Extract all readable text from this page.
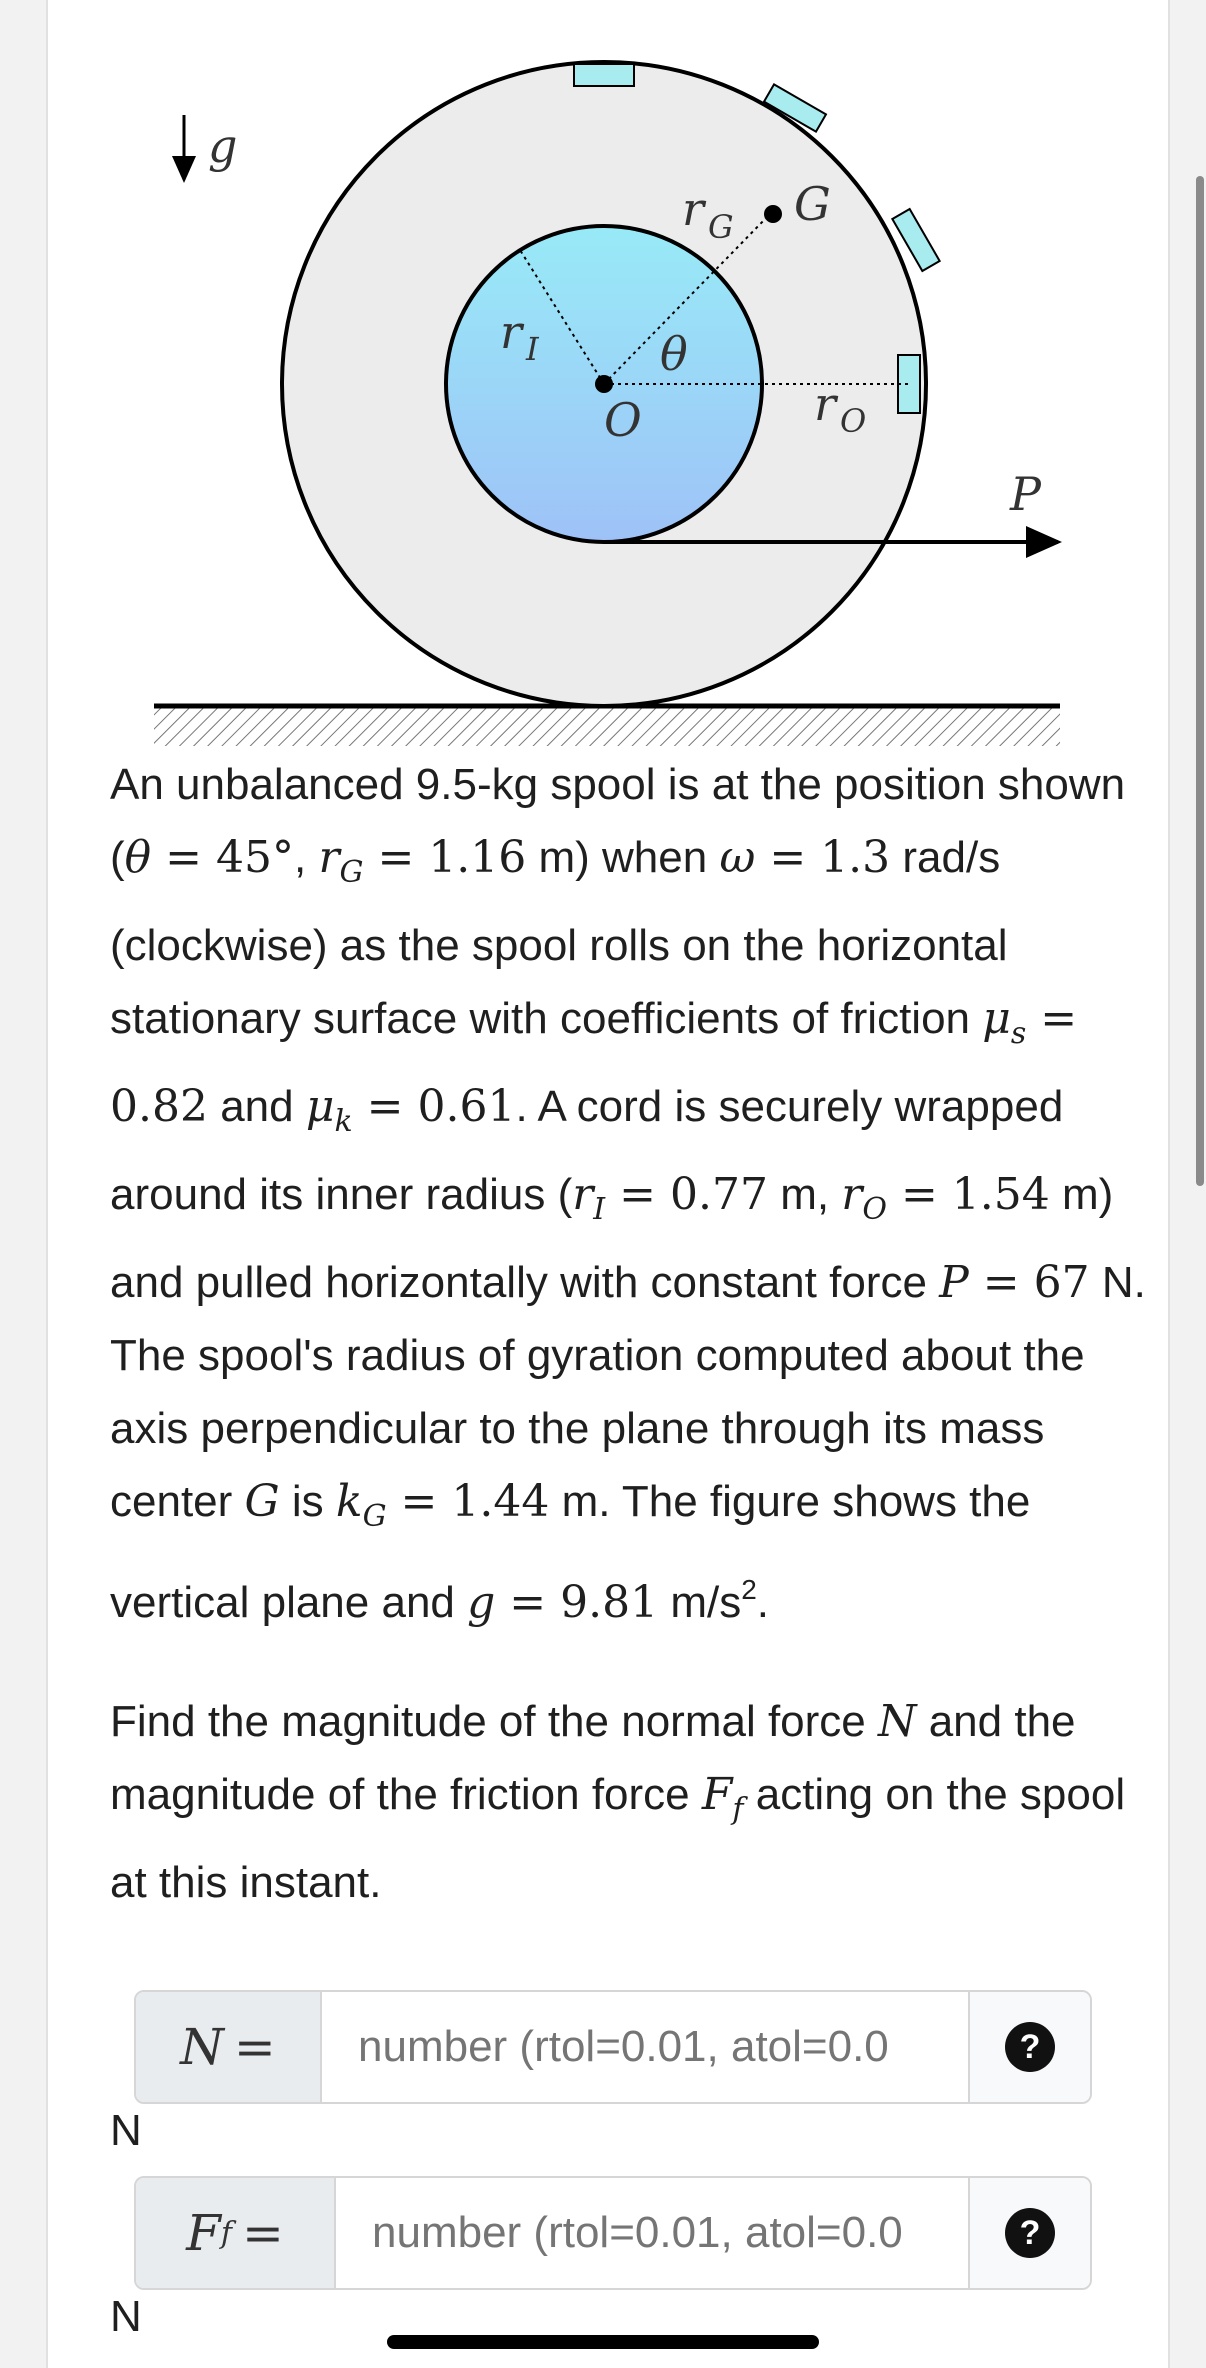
g
G
r G
r I	θ
O	r O
P

An unbalanced 9.5-kg spool is at the position shown (θ = 45°, $r_G = 1.16$ m) when ω = 1.3 rad/s (clockwise) as the spool rolls on the horizontal stationary surface with coefficients of friction $\mu_s = 0.82$ and $\mu_k = 0.61$. A cord is securely wrapped around its inner radius ($r_I = 0.77$ m, $r_O = 1.54$ m) and pulled horizontally with constant force P = 67 N. The spool's radius of gyration computed about the axis perpendicular to the plane through its mass center G is $k_G = 1.44$ m. The figure shows the vertical plane and g = 9.81 $m/s^2$.

Find the magnitude of the normal force N and the magnitude of the friction force $F_f$ acting on the spool at this instant.

N =
number (rtol=0.01, atol=0.0	?
N
F f =
number (rtol=0.01, atol=0.0	?
N
